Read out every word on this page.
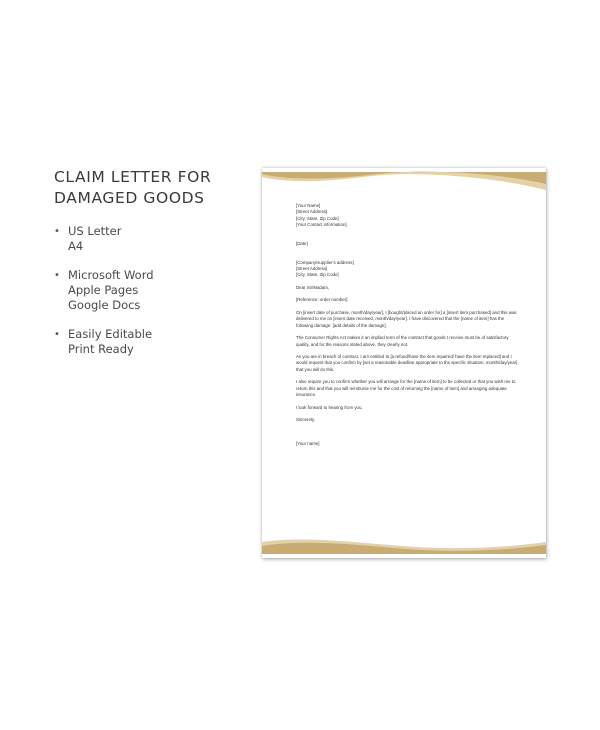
CLAIM LETTER FOR
DAMAGED GOODS
• US Letter
A4
• Microsoft Word
Apple Pages
Google Docs
• Easily Editable
Print Ready
[Your Name]
[Street Address]
[City, State, Zip Code]
[Your Contact information]
[Date]
[Company/supplier's address]
[Street Address]
[City, State, Zip Code]

Dear Sir/Madam,

[Reference: order number]

On [insert date of purchase, month/day/year], I [bought/placed an order for] a [insert item purchased] and this was delivered to me on [insert date received, month/day/year]. I have discovered that the [name of item] has the following damage: [add details of the damage].

The Consumer Rights Act makes it an implied term of the contract that goods I receive must be of satisfactory quality, and for the reasons stated above, they clearly not.

As you are in breach of contract, I am entitled to [a refund/have the item repaired/ have the item replaced] and I would request that you confirm by [set a reasonable deadline appropriate to the specific situation: month/day/year] that you will do this.

I also require you to confirm whether you will arrange for the [name of item] to be collected or that you wish me to return this and that you will reimburse me for the cost of returning the [name of item] and arranging adequate insurance.

I look forward to hearing from you.

Sincerely,

[Your name]
